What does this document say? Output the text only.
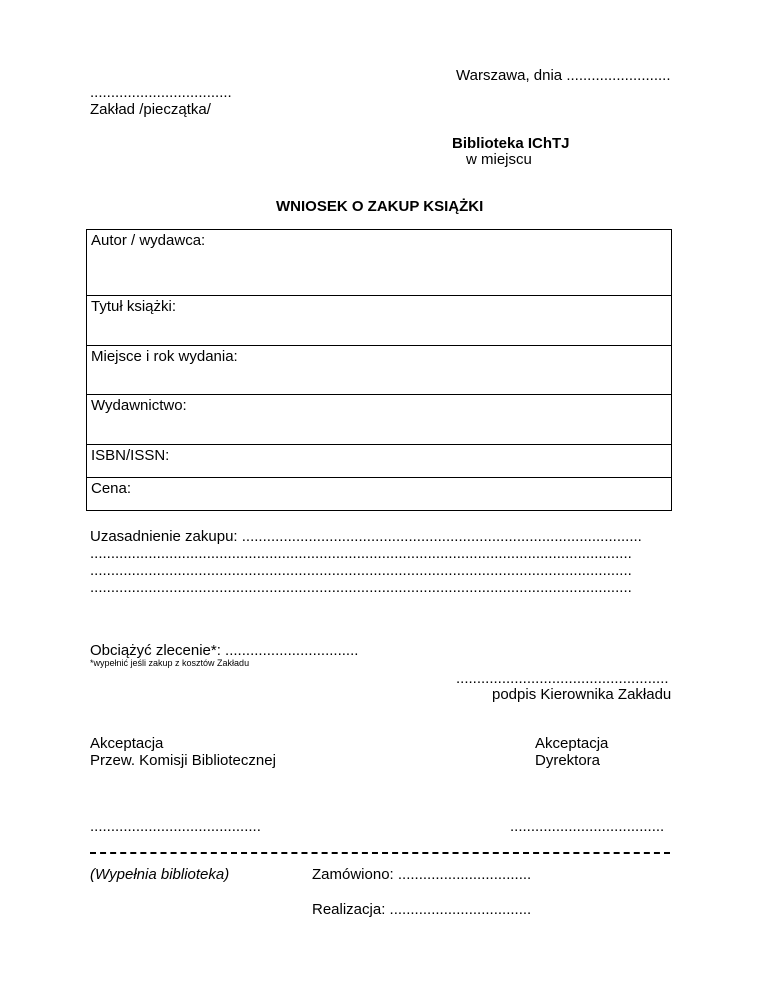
Warszawa, dnia .........................
..................................
Zakład /pieczątka/
Biblioteka IChTJ
w miejscu
WNIOSEK O ZAKUP KSIĄŻKI
Autor / wydawca:
Tytuł książki:
Miejsce i rok wydania:
Wydawnictwo:
ISBN/ISSN:
Cena:
Uzasadnienie zakupu: ................................................................................................
..................................................................................................................................
..................................................................................................................................
..................................................................................................................................
Obciążyć zlecenie*: ................................
*wypełnić jeśli zakup z kosztów Zakładu
...................................................
podpis Kierownika Zakładu
Akceptacja
Przew. Komisji Bibliotecznej
.........................................
Akceptacja
Dyrektora
.....................................
(Wypełnia biblioteka)	Zamówiono: ................................
Realizacja: ..................................
